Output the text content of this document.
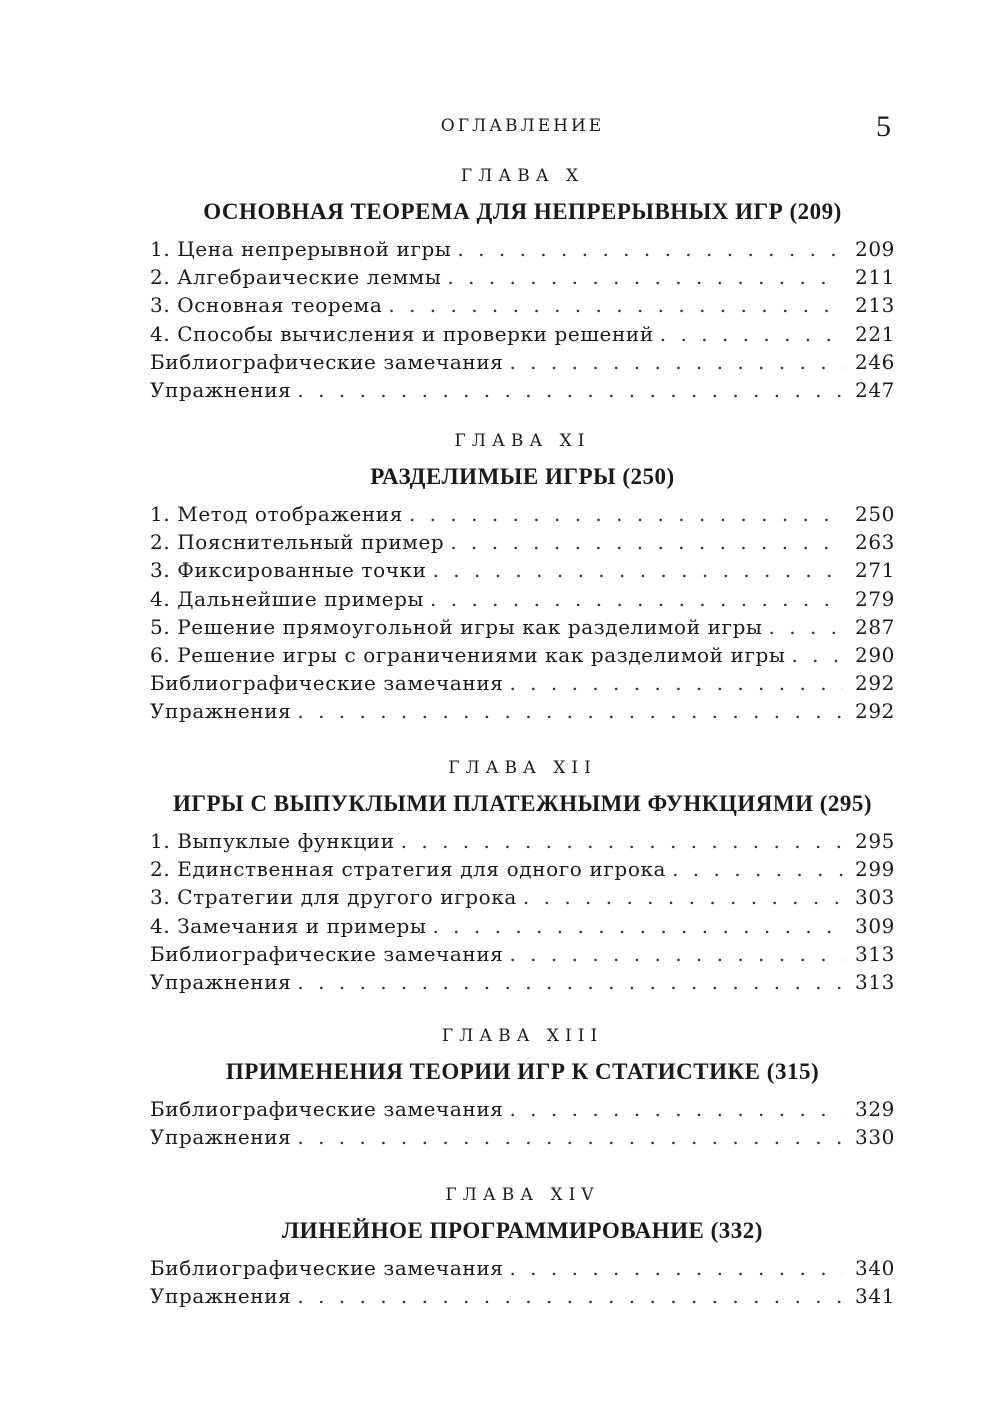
ОГЛАВЛЕНИЕ	5
ГЛАВА X
ОСНОВНАЯ ТЕОРЕМА ДЛЯ НЕПРЕРЫВНЫХ ИГР (209)
1. Цена непрерывной игры . . .	209
2. Алгебраические леммы . . .	211
3. Основная теорема . . .	213
4. Способы вычисления и проверки решений . . .	221
Библиографические замечания . . .	246
Упражнения . . .	247
ГЛАВА XI
РАЗДЕЛИМЫЕ ИГРЫ (250)
1. Метод отображения . . .	250
2. Пояснительный пример . . .	263
3. Фиксированные точки . . .	271
4. Дальнейшие примеры . . .	279
5. Решение прямоугольной игры как разделимой игры . . .	287
6. Решение игры с ограничениями как разделимой игры . . .	290
Библиографические замечания . . .	292
Упражнения . . .	292
ГЛАВА XII
ИГРЫ С ВЫПУКЛЫМИ ПЛАТЕЖНЫМИ ФУНКЦИЯМИ (295)
1. Выпуклые функции . . .	295
2. Единственная стратегия для одного игрока . . .	299
3. Стратегии для другого игрока . . .	303
4. Замечания и примеры . . .	309
Библиографические замечания . . .	313
Упражнения . . .	313
ГЛАВА XIII
ПРИМЕНЕНИЯ ТЕОРИИ ИГР К СТАТИСТИКЕ (315)
Библиографические замечания . . .	329
Упражнения . . .	330
ГЛАВА XIV
ЛИНЕЙНОЕ ПРОГРАММИРОВАНИЕ (332)
Библиографические замечания . . .	340
Упражнения . . .	341
